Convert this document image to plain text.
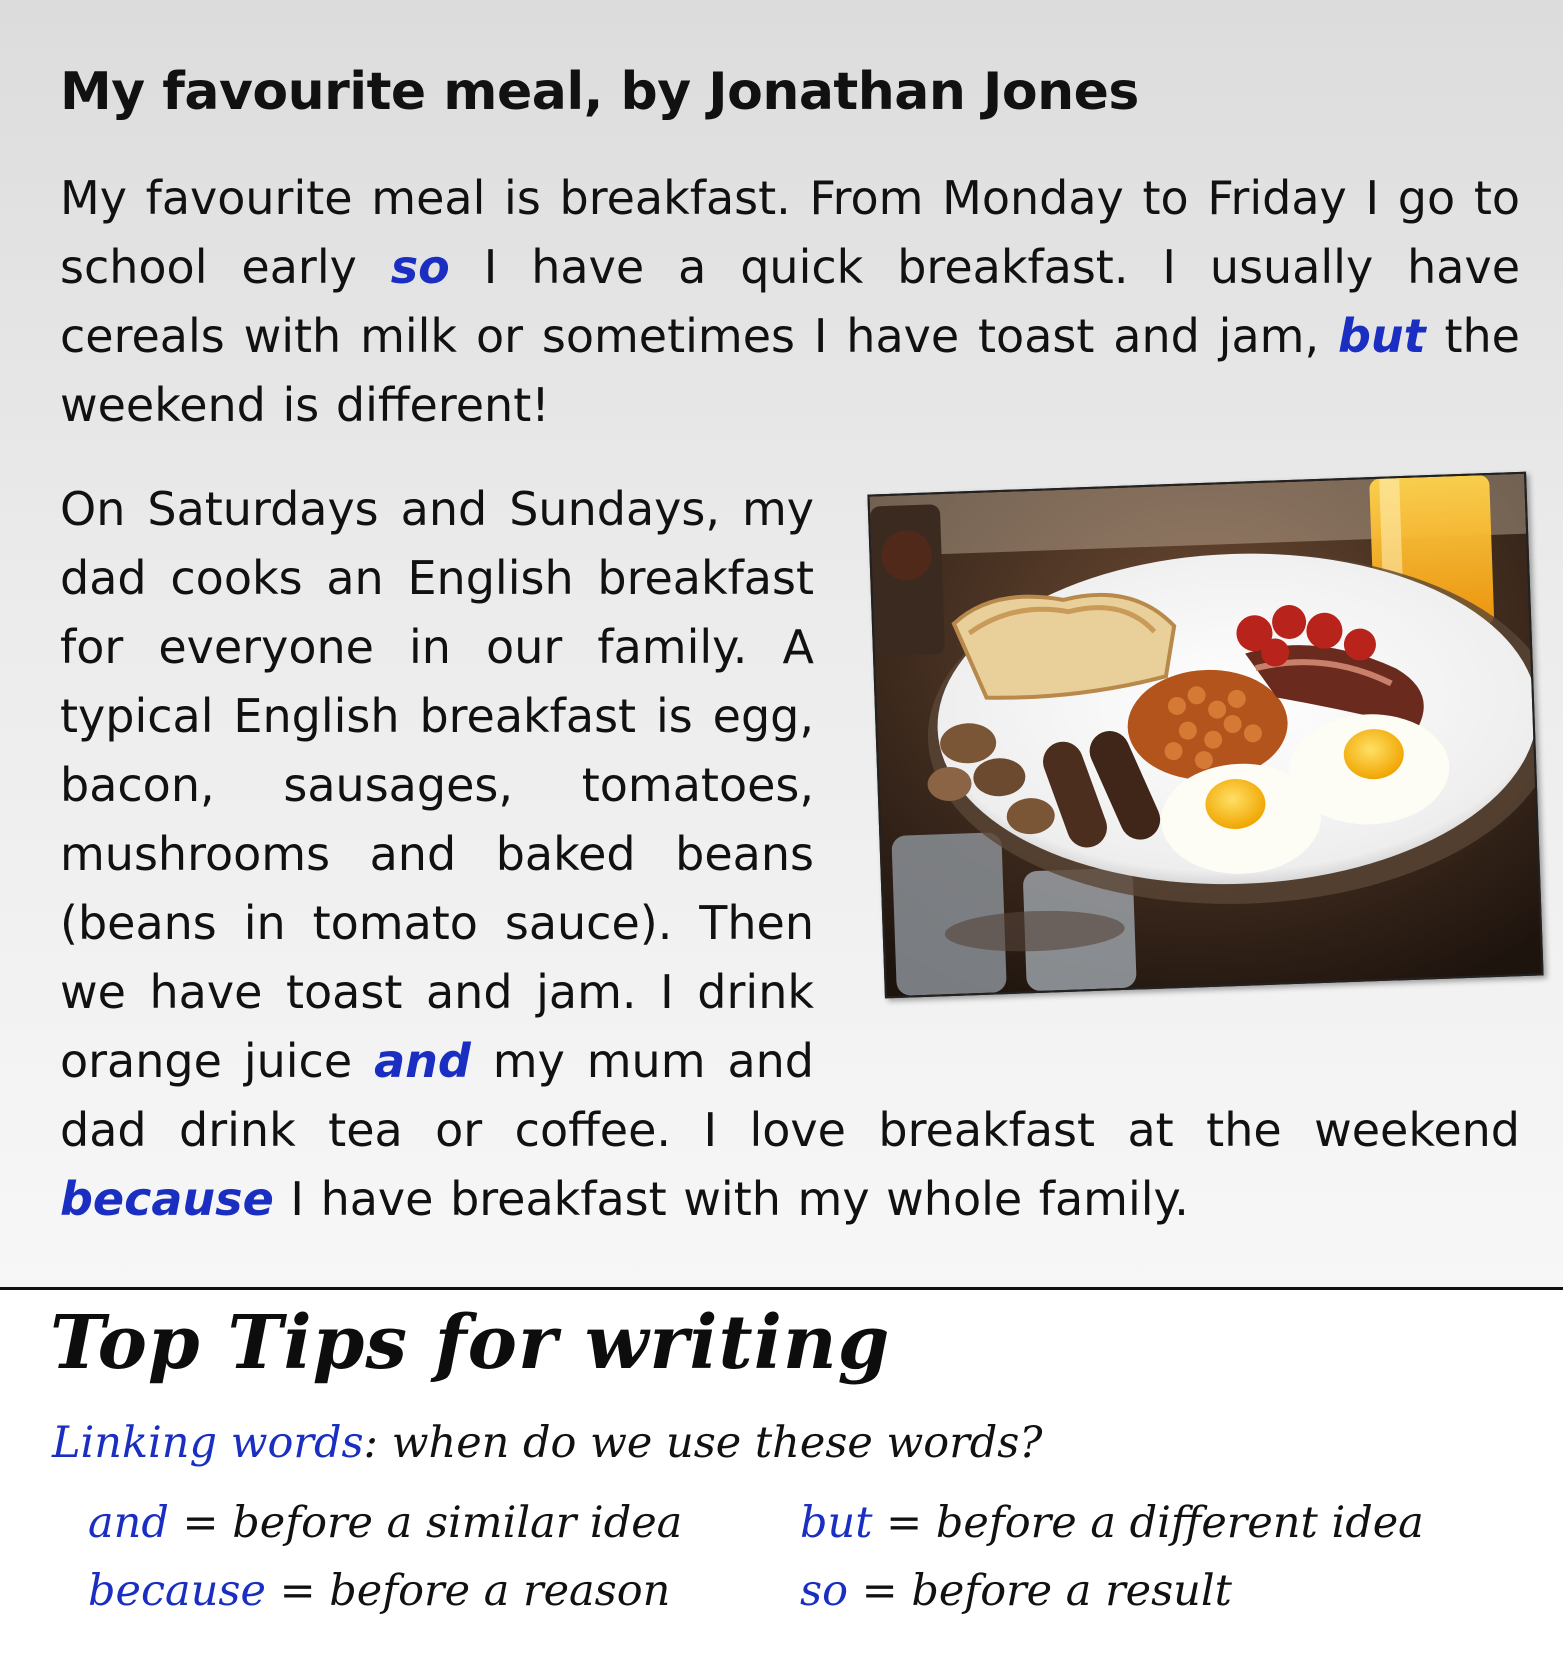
My favourite meal, by Jonathan Jones

My favourite meal is breakfast. From Monday to Friday I go to school early so I have a quick breakfast. I usually have cereals with milk or sometimes I have toast and jam, but the weekend is different!

On Saturdays and Sundays, my dad cooks an English breakfast for everyone in our family. A typical English breakfast is egg, bacon, sausages, tomatoes, mushrooms and baked beans (beans in tomato sauce). Then we have toast and jam. I drink orange juice and my mum and dad drink tea or coffee. I love breakfast at the weekend because I have breakfast with my whole family.

Top Tips for writing

Linking words: when do we use these words?

and = before a similar idea	but = before a different idea

because = before a reason	so = before a result
